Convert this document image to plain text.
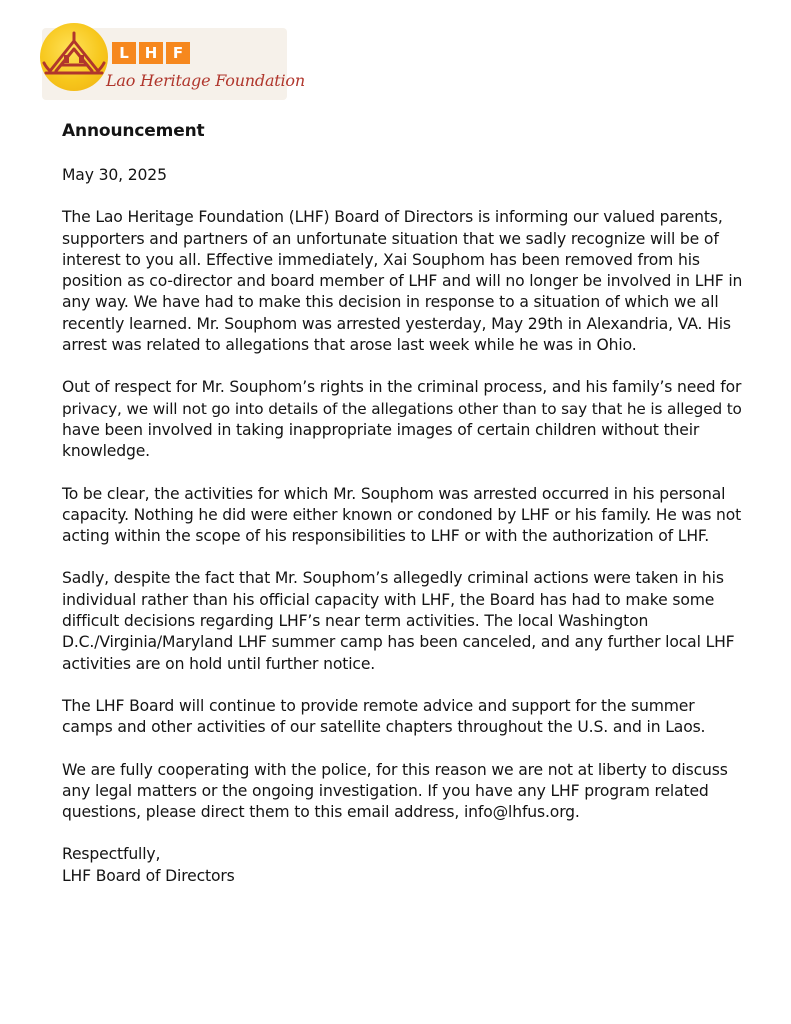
L	H	F
Lao Heritage Foundation
Announcement
May 30, 2025
The Lao Heritage Foundation (LHF) Board of Directors is informing our valued parents,
supporters and partners of an unfortunate situation that we sadly recognize will be of
interest to you all. Effective immediately, Xai Souphom has been removed from his
position as co-director and board member of LHF and will no longer be involved in LHF in
any way. We have had to make this decision in response to a situation of which we all
recently learned. Mr. Souphom was arrested yesterday, May 29th in Alexandria, VA. His
arrest was related to allegations that arose last week while he was in Ohio.
Out of respect for Mr. Souphom’s rights in the criminal process, and his family’s need for
privacy, we will not go into details of the allegations other than to say that he is alleged to
have been involved in taking inappropriate images of certain children without their
knowledge.
To be clear, the activities for which Mr. Souphom was arrested occurred in his personal
capacity. Nothing he did were either known or condoned by LHF or his family. He was not
acting within the scope of his responsibilities to LHF or with the authorization of LHF.
Sadly, despite the fact that Mr. Souphom’s allegedly criminal actions were taken in his
individual rather than his official capacity with LHF, the Board has had to make some
difficult decisions regarding LHF’s near term activities. The local Washington
D.C./Virginia/Maryland LHF summer camp has been canceled, and any further local LHF
activities are on hold until further notice.
The LHF Board will continue to provide remote advice and support for the summer
camps and other activities of our satellite chapters throughout the U.S. and in Laos.
We are fully cooperating with the police, for this reason we are not at liberty to discuss
any legal matters or the ongoing investigation. If you have any LHF program related
questions, please direct them to this email address, info@lhfus.org.
Respectfully,
LHF Board of Directors
